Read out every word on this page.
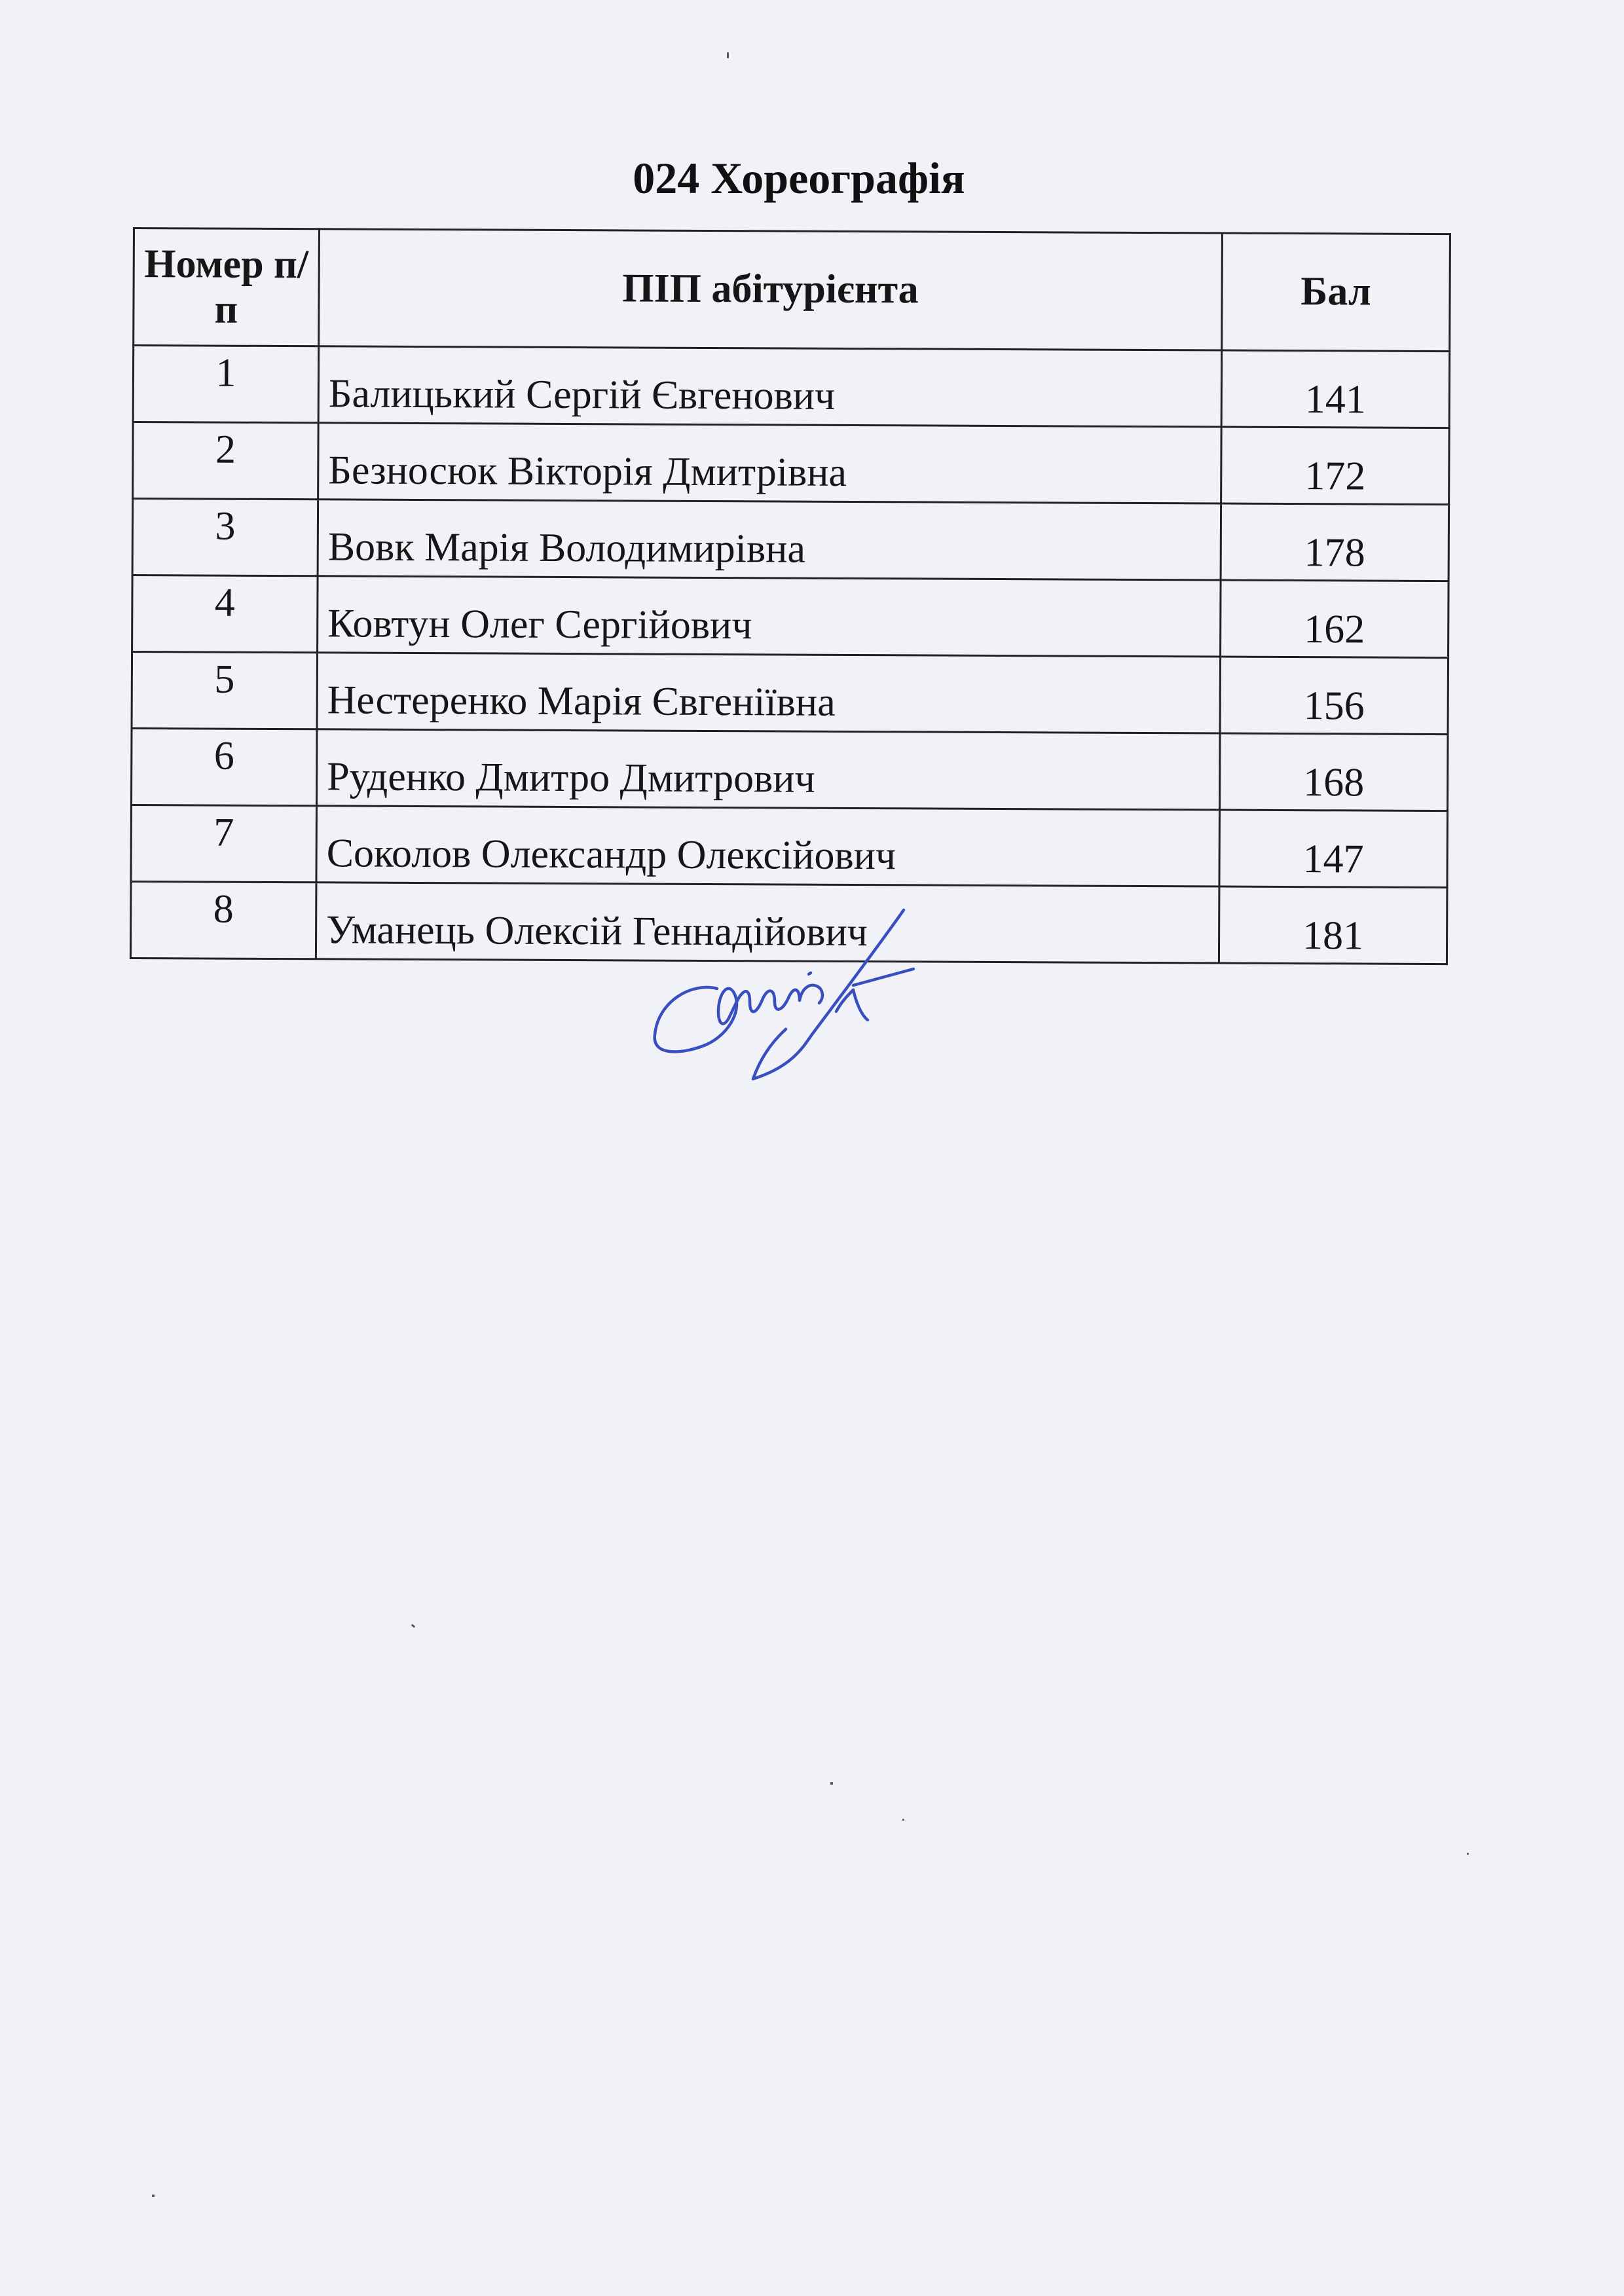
024 Хореографія
Номер п/п	ПІП абітурієнта	Бал
1	Балицький Сергій Євгенович	141
2	Безносюк Вікторія Дмитрівна	172
3	Вовк Марія Володимирівна	178
4	Ковтун Олег Сергійович	162
5	Нестеренко Марія Євгеніївна	156
6	Руденко Дмитро Дмитрович	168
7	Соколов Олександр Олексійович	147
8	Уманець Олексій Геннадійович	181
